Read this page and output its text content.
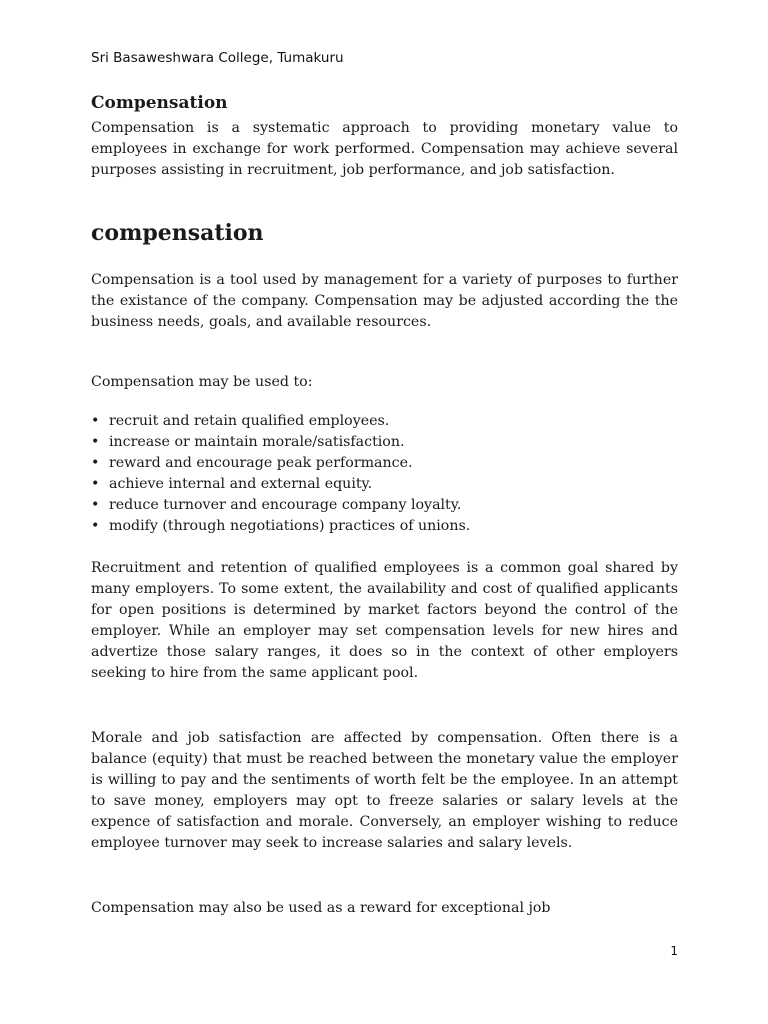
Sri Basaweshwara College, Tumakuru
Compensation

Compensation is a systematic approach to providing monetary value to employees in exchange for work performed. Compensation may achieve several purposes assisting in recruitment, job performance, and job satisfaction.

compensation

Compensation is a tool used by management for a variety of purposes to further the existance of the company. Compensation may be adjusted according the the business needs, goals, and available resources.

Compensation may be used to:

• recruit and retain qualified employees.
• increase or maintain morale/satisfaction.
• reward and encourage peak performance.
• achieve internal and external equity.
• reduce turnover and encourage company loyalty.
• modify (through negotiations) practices of unions.

Recruitment and retention of qualified employees is a common goal shared by many employers. To some extent, the availability and cost of qualified applicants for open positions is determined by market factors beyond the control of the employer. While an employer may set compensation levels for new hires and advertize those salary ranges, it does so in the context of other employers seeking to hire from the same applicant pool.

Morale and job satisfaction are affected by compensation. Often there is a balance (equity) that must be reached between the monetary value the employer is willing to pay and the sentiments of worth felt be the employee. In an attempt to save money, employers may opt to freeze salaries or salary levels at the expence of satisfaction and morale. Conversely, an employer wishing to reduce employee turnover may seek to increase salaries and salary levels.

Compensation may also be used as a reward for exceptional job

1
